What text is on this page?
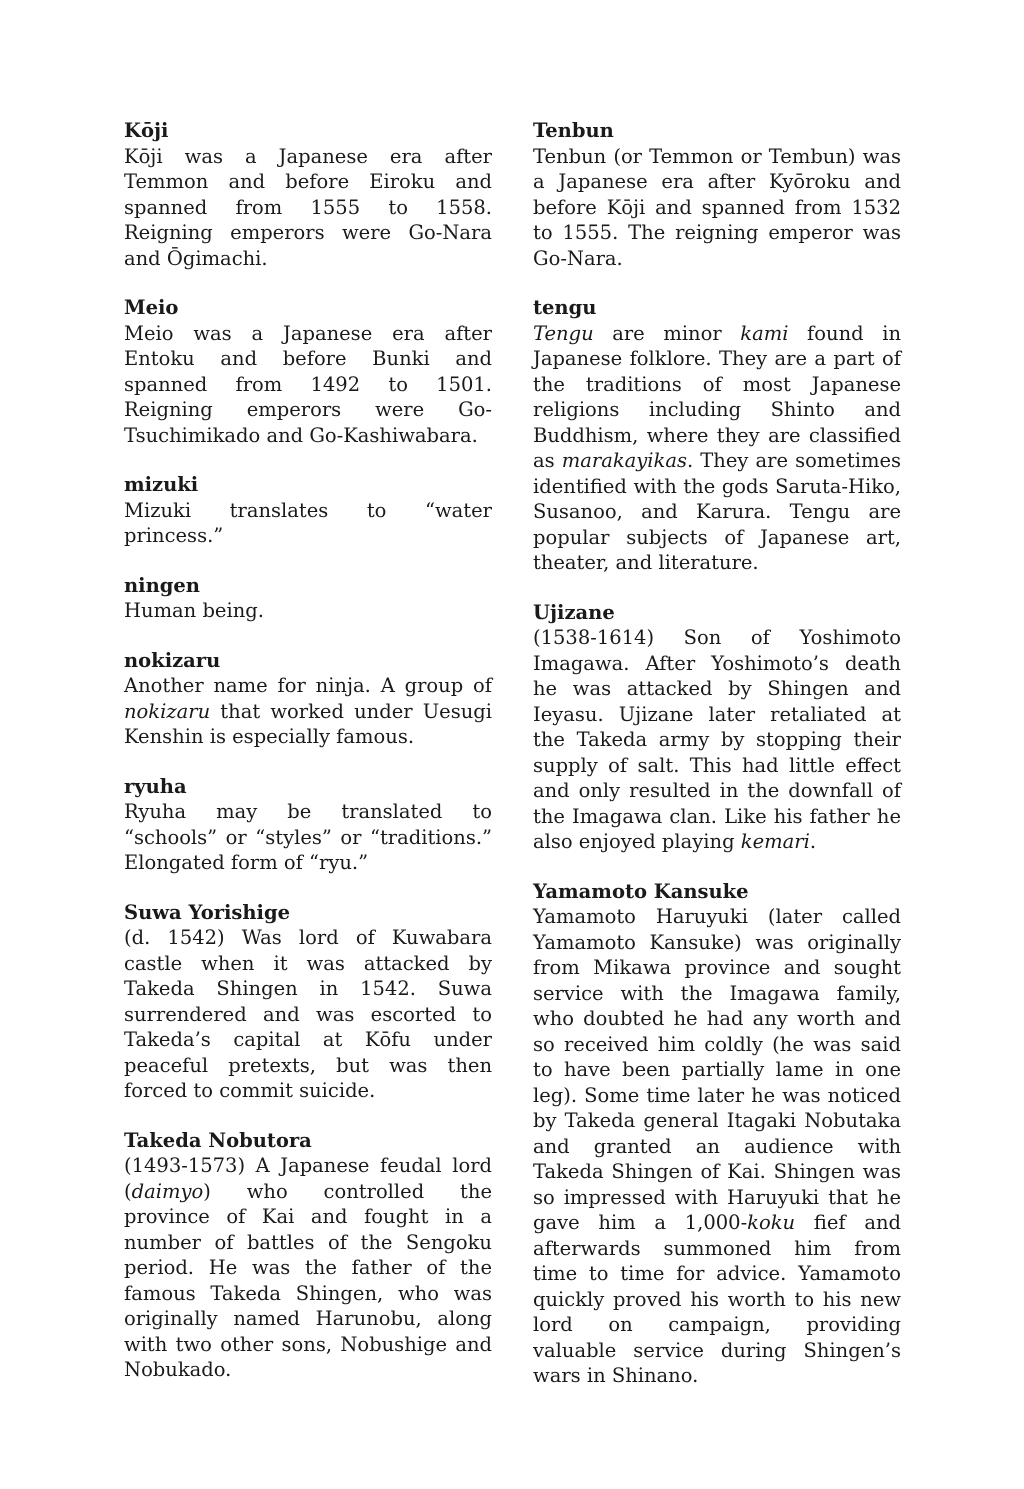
Kōji
Kōji was a Japanese era after Temmon and before Eiroku and spanned from 1555 to 1558. Reigning emperors were Go-Nara and Ōgimachi.
Meio
Meio was a Japanese era after Entoku and before Bunki and spanned from 1492 to 1501. Reigning emperors were Go-Tsuchimikado and Go-Kashiwabara.
mizuki
Mizuki translates to “water princess.”
ningen
Human being.
nokizaru
Another name for ninja. A group of nokizaru that worked under Uesugi Kenshin is especially famous.
ryuha
Ryuha may be translated to “schools” or “styles” or “traditions.” Elongated form of “ryu.”
Suwa Yorishige
(d. 1542) Was lord of Kuwabara castle when it was attacked by Takeda Shingen in 1542. Suwa surrendered and was escorted to Takeda’s capital at Kōfu under peaceful pretexts, but was then forced to commit suicide.
Takeda Nobutora
(1493-1573) A Japanese feudal lord (daimyo) who controlled the province of Kai and fought in a number of battles of the Sengoku period. He was the father of the famous Takeda Shingen, who was originally named Harunobu, along with two other sons, Nobushige and Nobukado.
Tenbun
Tenbun (or Temmon or Tembun) was a Japanese era after Kyōroku and before Kōji and spanned from 1532 to 1555. The reigning emperor was Go-Nara.
tengu
Tengu are minor kami found in Japanese folklore. They are a part of the traditions of most Japanese religions including Shinto and Buddhism, where they are classified as marakayikas. They are sometimes identified with the gods Saruta-Hiko, Susanoo, and Karura. Tengu are popular subjects of Japanese art, theater, and literature.
Ujizane
(1538-1614) Son of Yoshimoto Imagawa. After Yoshimoto’s death he was attacked by Shingen and Ieyasu. Ujizane later retaliated at the Takeda army by stopping their supply of salt. This had little effect and only resulted in the downfall of the Imagawa clan. Like his father he also enjoyed playing kemari.
Yamamoto Kansuke
Yamamoto Haruyuki (later called Yamamoto Kansuke) was originally from Mikawa province and sought service with the Imagawa family, who doubted he had any worth and so received him coldly (he was said to have been partially lame in one leg). Some time later he was noticed by Takeda general Itagaki Nobutaka and granted an audience with Takeda Shingen of Kai. Shingen was so impressed with Haruyuki that he gave him a 1,000-koku fief and afterwards summoned him from time to time for advice. Yamamoto quickly proved his worth to his new lord on campaign, providing valuable service during Shingen’s wars in Shinano.
